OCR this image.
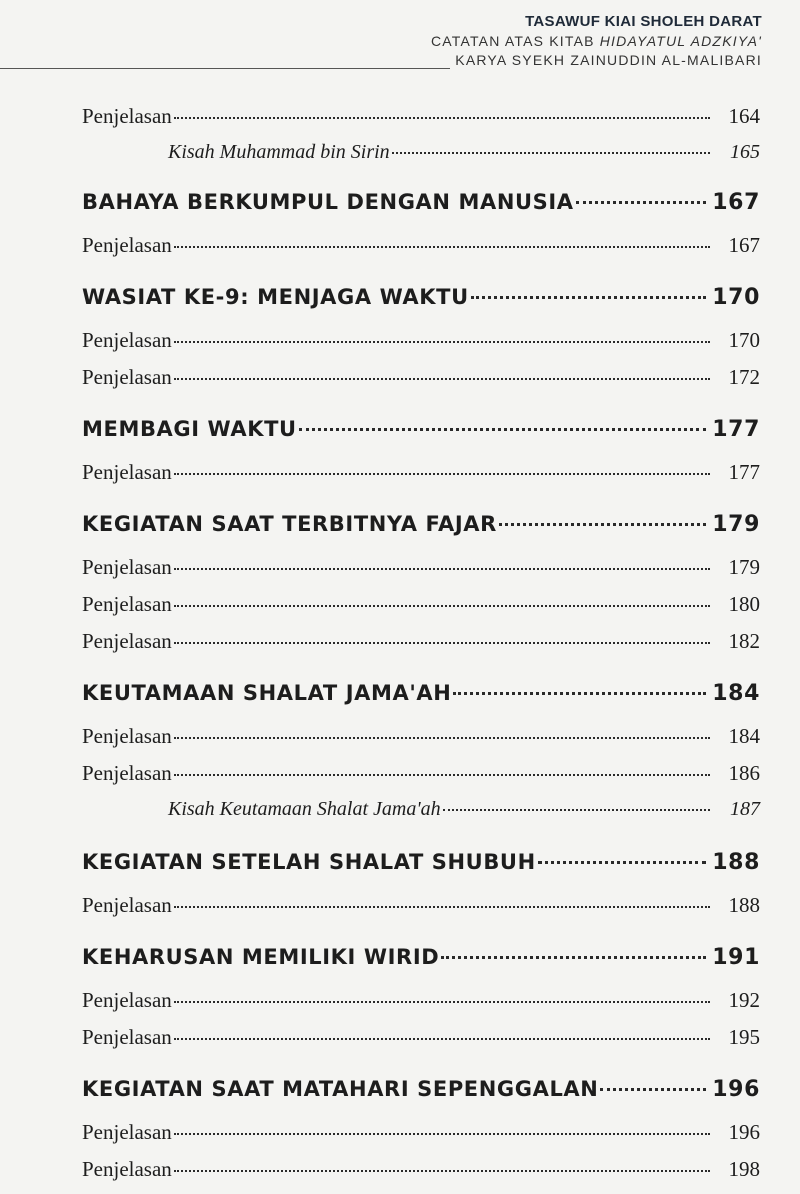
TASAWUF KIAI SHOLEH DARAT
CATATAN ATAS KITAB HIDAYATUL ADZKIYA'
KARYA SYEKH ZAINUDDIN AL-MALIBARI
Penjelasan	164
Kisah Muhammad bin Sirin	165
BAHAYA BERKUMPUL DENGAN MANUSIA	167
Penjelasan	167
WASIAT KE-9: MENJAGA WAKTU	170
Penjelasan	170
Penjelasan	172
MEMBAGI WAKTU	177
Penjelasan	177
KEGIATAN SAAT TERBITNYA FAJAR	179
Penjelasan	179
Penjelasan	180
Penjelasan	182
KEUTAMAAN SHALAT JAMA'AH	184
Penjelasan	184
Penjelasan	186
Kisah Keutamaan Shalat Jama'ah	187
KEGIATAN SETELAH SHALAT SHUBUH	188
Penjelasan	188
KEHARUSAN MEMILIKI WIRID	191
Penjelasan	192
Penjelasan	195
KEGIATAN SAAT MATAHARI SEPENGGALAN	196
Penjelasan	196
Penjelasan	198
